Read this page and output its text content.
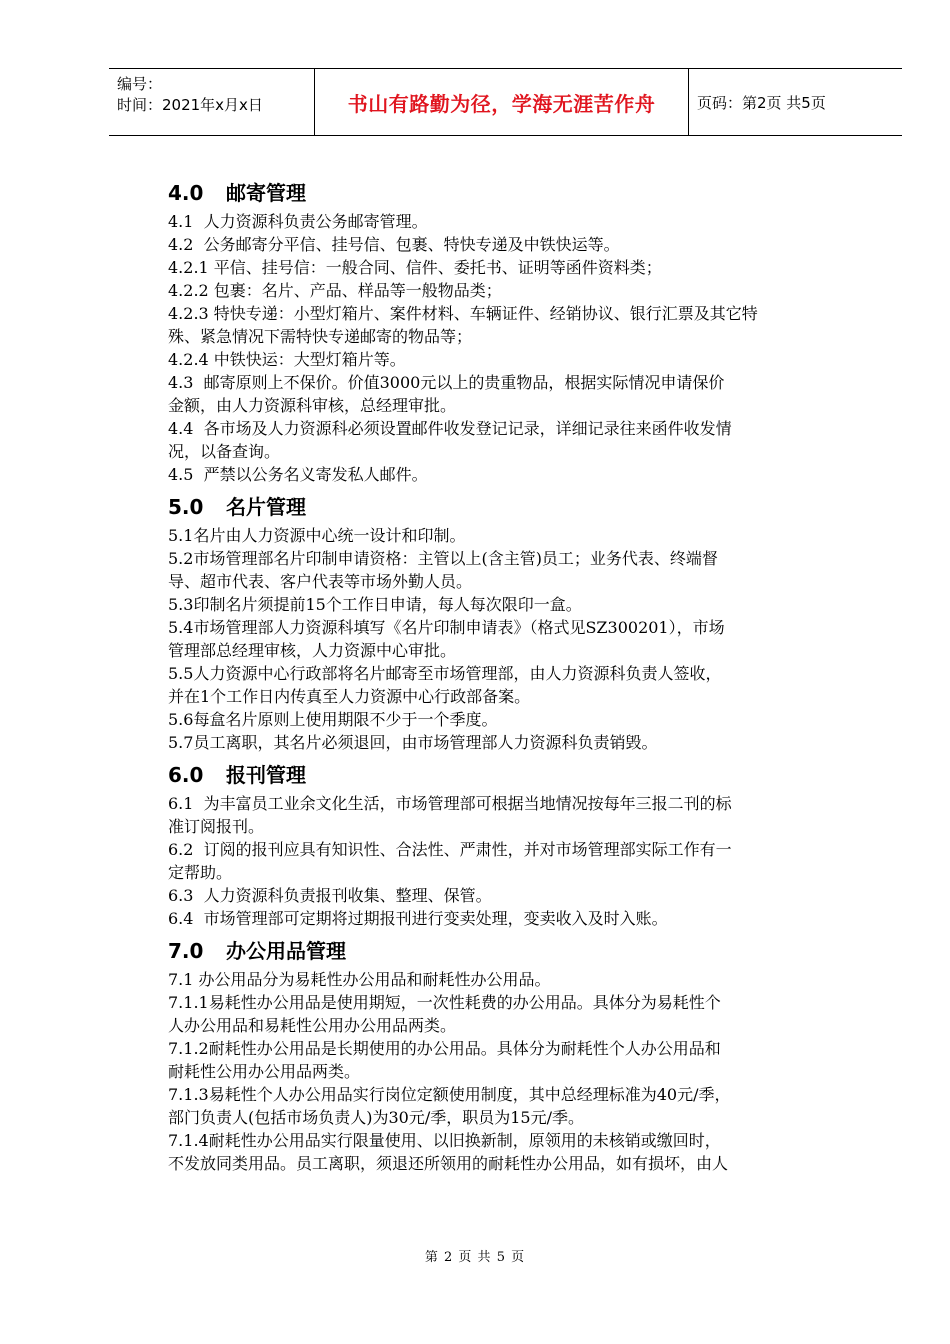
编号：
时间：2021年x月x日	书山有路勤为径，学海无涯苦作舟	页码：第2页 共5页
4.0 邮寄管理

4.1  人力资源科负责公务邮寄管理。

4.2  公务邮寄分平信、挂号信、包裹、特快专递及中铁快运等。

4.2.1 平信、挂号信：一般合同、信件、委托书、证明等函件资料类；

4.2.2 包裹：名片、产品、样品等一般物品类；

4.2.3 特快专递：小型灯箱片、案件材料、车辆证件、经销协议、银行汇票及其它特

殊、紧急情况下需特快专递邮寄的物品等；

4.2.4 中铁快运：大型灯箱片等。

4.3  邮寄原则上不保价。价值3000元以上的贵重物品，根据实际情况申请保价

金额，由人力资源科审核，总经理审批。

4.4  各市场及人力资源科必须设置邮件收发登记记录，详细记录往来函件收发情

况，以备查询。

4.5  严禁以公务名义寄发私人邮件。

5.0 名片管理

5.1名片由人力资源中心统一设计和印制。

5.2市场管理部名片印制申请资格：主管以上(含主管)员工；业务代表、终端督

导、超市代表、客户代表等市场外勤人员。

5.3印制名片须提前15个工作日申请，每人每次限印一盒。

5.4市场管理部人力资源科填写《名片印制申请表》（格式见SZ300201），市场

管理部总经理审核，人力资源中心审批。

5.5人力资源中心行政部将名片邮寄至市场管理部，由人力资源科负责人签收，

并在1个工作日内传真至人力资源中心行政部备案。

5.6每盒名片原则上使用期限不少于一个季度。

5.7员工离职，其名片必须退回，由市场管理部人力资源科负责销毁。

6.0 报刊管理

6.1  为丰富员工业余文化生活，市场管理部可根据当地情况按每年三报二刊的标

准订阅报刊。

6.2  订阅的报刊应具有知识性、合法性、严肃性，并对市场管理部实际工作有一

定帮助。

6.3  人力资源科负责报刊收集、整理、保管。

6.4  市场管理部可定期将过期报刊进行变卖处理，变卖收入及时入账。

7.0 办公用品管理

7.1 办公用品分为易耗性办公用品和耐耗性办公用品。

7.1.1易耗性办公用品是使用期短，一次性耗费的办公用品。具体分为易耗性个

人办公用品和易耗性公用办公用品两类。

7.1.2耐耗性办公用品是长期使用的办公用品。具体分为耐耗性个人办公用品和

耐耗性公用办公用品两类。

7.1.3易耗性个人办公用品实行岗位定额使用制度，其中总经理标准为40元/季，

部门负责人(包括市场负责人)为30元/季，职员为15元/季。

7.1.4耐耗性办公用品实行限量使用、以旧换新制，原领用的未核销或缴回时，

不发放同类用品。员工离职，须退还所领用的耐耗性办公用品，如有损坏，由人

第 2 页 共 5 页
